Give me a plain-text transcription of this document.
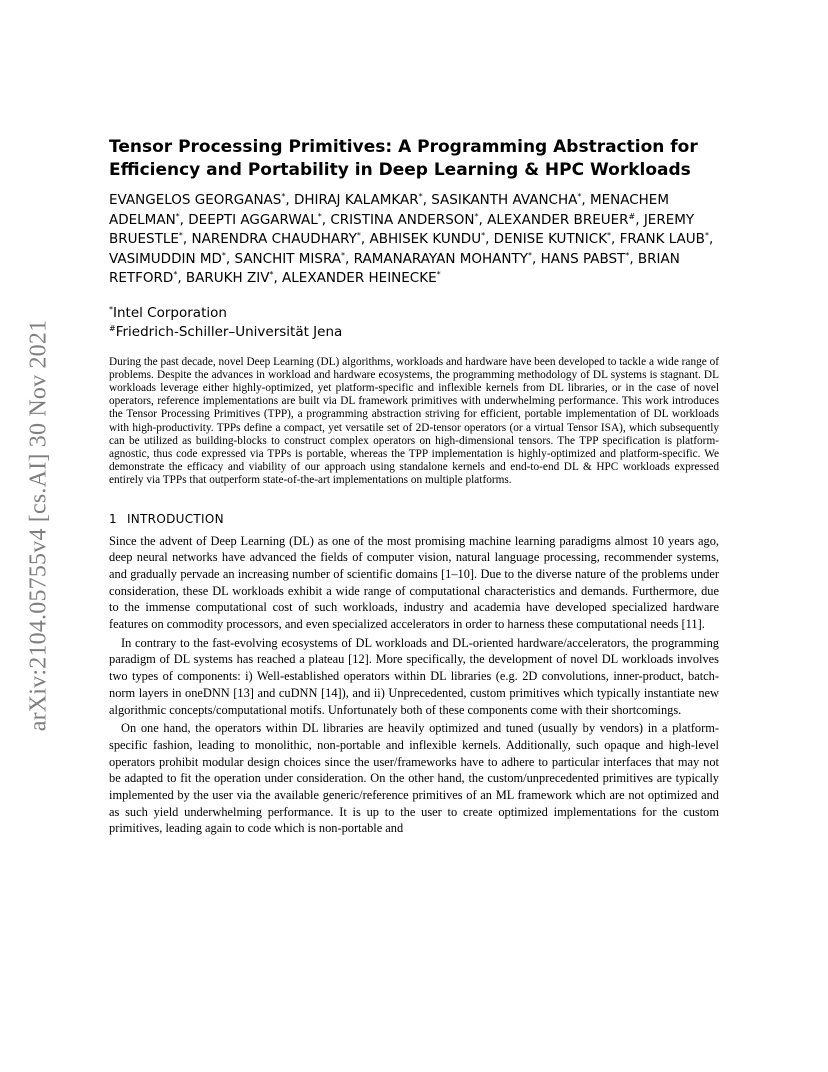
arXiv:2104.05755v4 [cs.AI] 30 Nov 2021
Tensor Processing Primitives: A Programming Abstraction for Efficiency and Portability in Deep Learning & HPC Workloads
EVANGELOS GEORGANAS*, DHIRAJ KALAMKAR*, SASIKANTH AVANCHA*, MENACHEM ADELMAN*, DEEPTI AGGARWAL*, CRISTINA ANDERSON*, ALEXANDER BREUER#, JEREMY BRUESTLE*, NARENDRA CHAUDHARY*, ABHISEK KUNDU*, DENISE KUTNICK*, FRANK LAUB*, VASIMUDDIN MD*, SANCHIT MISRA*, RAMANARAYAN MOHANTY*, HANS PABST*, BRIAN RETFORD*, BARUKH ZIV*, ALEXANDER HEINECKE*

*Intel Corporation

#Friedrich-Schiller–Universität Jena

During the past decade, novel Deep Learning (DL) algorithms, workloads and hardware have been developed to tackle a wide range of problems. Despite the advances in workload and hardware ecosystems, the programming methodology of DL systems is stagnant. DL workloads leverage either highly-optimized, yet platform-specific and inflexible kernels from DL libraries, or in the case of novel operators, reference implementations are built via DL framework primitives with underwhelming performance. This work introduces the Tensor Processing Primitives (TPP), a programming abstraction striving for efficient, portable implementation of DL workloads with high-productivity. TPPs define a compact, yet versatile set of 2D-tensor operators (or a virtual Tensor ISA), which subsequently can be utilized as building-blocks to construct complex operators on high-dimensional tensors. The TPP specification is platform-agnostic, thus code expressed via TPPs is portable, whereas the TPP implementation is highly-optimized and platform-specific. We demonstrate the efficacy and viability of our approach using standalone kernels and end-to-end DL & HPC workloads expressed entirely via TPPs that outperform state-of-the-art implementations on multiple platforms.

1 INTRODUCTION

Since the advent of Deep Learning (DL) as one of the most promising machine learning paradigms almost 10 years ago, deep neural networks have advanced the fields of computer vision, natural language processing, recommender systems, and gradually pervade an increasing number of scientific domains [1–10]. Due to the diverse nature of the problems under consideration, these DL workloads exhibit a wide range of computational characteristics and demands. Furthermore, due to the immense computational cost of such workloads, industry and academia have developed specialized hardware features on commodity processors, and even specialized accelerators in order to harness these computational needs [11].

In contrary to the fast-evolving ecosystems of DL workloads and DL-oriented hardware/accelerators, the programming paradigm of DL systems has reached a plateau [12]. More specifically, the development of novel DL workloads involves two types of components: i) Well-established operators within DL libraries (e.g. 2D convolutions, inner-product, batch-norm layers in oneDNN [13] and cuDNN [14]), and ii) Unprecedented, custom primitives which typically instantiate new algorithmic concepts/computational motifs. Unfortunately both of these components come with their shortcomings.

On one hand, the operators within DL libraries are heavily optimized and tuned (usually by vendors) in a platform-specific fashion, leading to monolithic, non-portable and inflexible kernels. Additionally, such opaque and high-level operators prohibit modular design choices since the user/frameworks have to adhere to particular interfaces that may not be adapted to fit the operation under consideration. On the other hand, the custom/unprecedented primitives are typically implemented by the user via the available generic/reference primitives of an ML framework which are not optimized and as such yield underwhelming performance. It is up to the user to create optimized implementations for the custom primitives, leading again to code which is non-portable and
